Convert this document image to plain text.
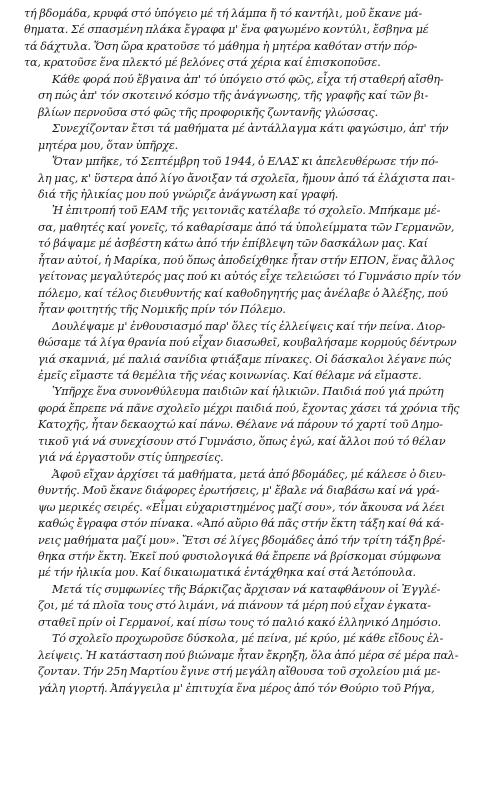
τή βδομάδα, κρυφά στό ὑπόγειο μέ τή λάμπα ἤ τό καντήλι, μοῦ ἔκανε μά-
θηματα. Σέ σπασμένη πλάκα ἔγραφα μ' ἕνα φαγωμένο κοντύλι, ἔσβηνα μέ
τά δάχτυλα. Ὅση ὥρα κρατοῦσε τό μάθημα ἡ μητέρα καθόταν στήν πόρ-
τα, κρατοῦσε ἕνα πλεκτό μέ βελόνες στά χέρια καί ἐπισκοποῦσε.
Κάθε φορά πού ἔβγαινα ἀπ' τό ὑπόγειο στό φῶς, εἶχα τή σταθερή αἴσθη-
ση πώς ἀπ' τόν σκοτεινό κόσμο τῆς ἀνάγνωσης, τῆς γραφῆς καί τῶν βι-
βλίων περνοῦσα στό φῶς τῆς προφορικῆς ζωντανῆς γλώσσας.
Συνεχίζονταν ἔτσι τά μαθήματα μέ ἀντάλλαγμα κάτι φαγώσιμο, ἀπ' τήν
μητέρα μου, ὅταν ὑπῆρχε.
Ὅταν μπῆκε, τό Σεπτέμβρη τοῦ 1944, ὁ ΕΛΑΣ κι ἀπελευθέρωσε τήν πό-
λη μας, κ' ὕστερα ἀπό λίγο ἄνοιξαν τά σχολεῖα, ἤμουν ἀπό τά ἐλάχιστα παι-
διά τῆς ἡλικίας μου πού γνώριζε ἀνάγνωση καί γραφή.
Ἡ ἐπιτροπή τοῦ ΕΑΜ τῆς γειτονιᾶς κατέλαβε τό σχολεῖο. Μπήκαμε μέ-
σα, μαθητές καί γονεῖς, τό καθαρίσαμε ἀπό τά ὑπολείμματα τῶν Γερμανῶν,
τό βάψαμε μέ ἀσβέστη κάτω ἀπό τήν ἐπίβλεψη τῶν δασκάλων μας. Καί
ἦταν αὐτοί, ἡ Μαρίκα, πού ὅπως ἀποδείχθηκε ἦταν στήν ΕΠΟΝ, ἕνας ἄλλος
γείτονας μεγαλύτερός μας πού κι αὐτός εἶχε τελειώσει τό Γυμνάσιο πρίν τόν
πόλεμο, καί τέλος διευθυντής καί καθοδηγητής μας ἀνέλαβε ὁ Ἀλέξης, πού
ἦταν φοιτητής τῆς Νομικῆς πρίν τόν Πόλεμο.
Δουλέψαμε μ' ἐνθουσιασμό παρ' ὅλες τίς ἐλλείψεις καί τήν πείνα. Διορ-
θώσαμε τά λίγα θρανία πού εἶχαν διασωθεῖ, κουβαλήσαμε κορμούς δέντρων
γιά σκαμνιά, μέ παλιά σανίδια φτιάξαμε πίνακες. Οἱ δάσκαλοι λέγανε πώς
ἐμεῖς εἴμαστε τά θεμέλια τῆς νέας κοινωνίας. Καί θέλαμε νά εἴμαστε.
Ὑπῆρχε ἕνα συνονθύλευμα παιδιῶν καί ἡλικιῶν. Παιδιά πού γιά πρώτη
φορά ἔπρεπε νά πᾶνε σχολεῖο μέχρι παιδιά πού, ἔχοντας χάσει τά χρόνια τῆς
Κατοχῆς, ἦταν δεκαοχτώ καί πάνω. Θέλανε νά πάρουν τό χαρτί τοῦ Δημο-
τικοῦ γιά νά συνεχίσουν στό Γυμνάσιο, ὅπως ἐγώ, καί ἄλλοι πού τό θέλαν
γιά νά ἐργαστοῦν στίς ὑπηρεσίες.
Ἀφοῦ εἴχαν ἀρχίσει τά μαθήματα, μετά ἀπό βδομάδες, μέ κάλεσε ὁ διευ-
θυντής. Μοῦ ἔκανε διάφορες ἐρωτήσεις, μ' ἔβαλε νά διαβάσω καί νά γρά-
ψω μερικές σειρές. «Εἶμαι εὐχαριστημένος μαζί σου», τόν ἄκουσα νά λέει
καθώς ἔγραφα στόν πίνακα. «Ἀπό αὔριο θά πᾶς στήν ἕκτη τάξη καί θά κά-
νεις μαθήματα μαζί μου». Ἔτσι σέ λίγες βδομάδες ἀπό τήν τρίτη τάξη βρέ-
θηκα στήν ἕκτη. Ἐκεῖ πού φυσιολογικά θά ἔπρεπε νά βρίσκομαι σύμφωνα
μέ τήν ἡλικία μου. Καί δικαιωματικά ἐντάχθηκα καί στά Ἀετόπουλα.
Μετά τίς συμφωνίες τῆς Βάρκιζας ἄρχισαν νά καταφθάνουν οἱ Ἐγγλέ-
ζοι, μέ τά πλοῖα τους στό λιμάνι, νά πιάνουν τά μέρη πού εἶχαν ἐγκατα-
σταθεῖ πρίν οἱ Γερμανοί, καί πίσω τους τό παλιό κακό ἑλληνικό Δημόσιο.
Τό σχολεῖο προχωροῦσε δύσκολα, μέ πείνα, μέ κρύο, μέ κάθε εἴδους ἐλ-
λείψεις. Ἡ κατάσταση πού βιώναμε ἦταν ἔκρηξη, ὅλα ἀπό μέρα σέ μέρα παλ-
ζονταν. Τήν 25η Μαρτίου ἔγινε στή μεγάλη αἴθουσα τοῦ σχολείου μιά με-
γάλη γιορτή. Ἀπάγγειλα μ' ἐπιτυχία ἕνα μέρος ἀπό τόν Θούριο τοῦ Ρήγα,
